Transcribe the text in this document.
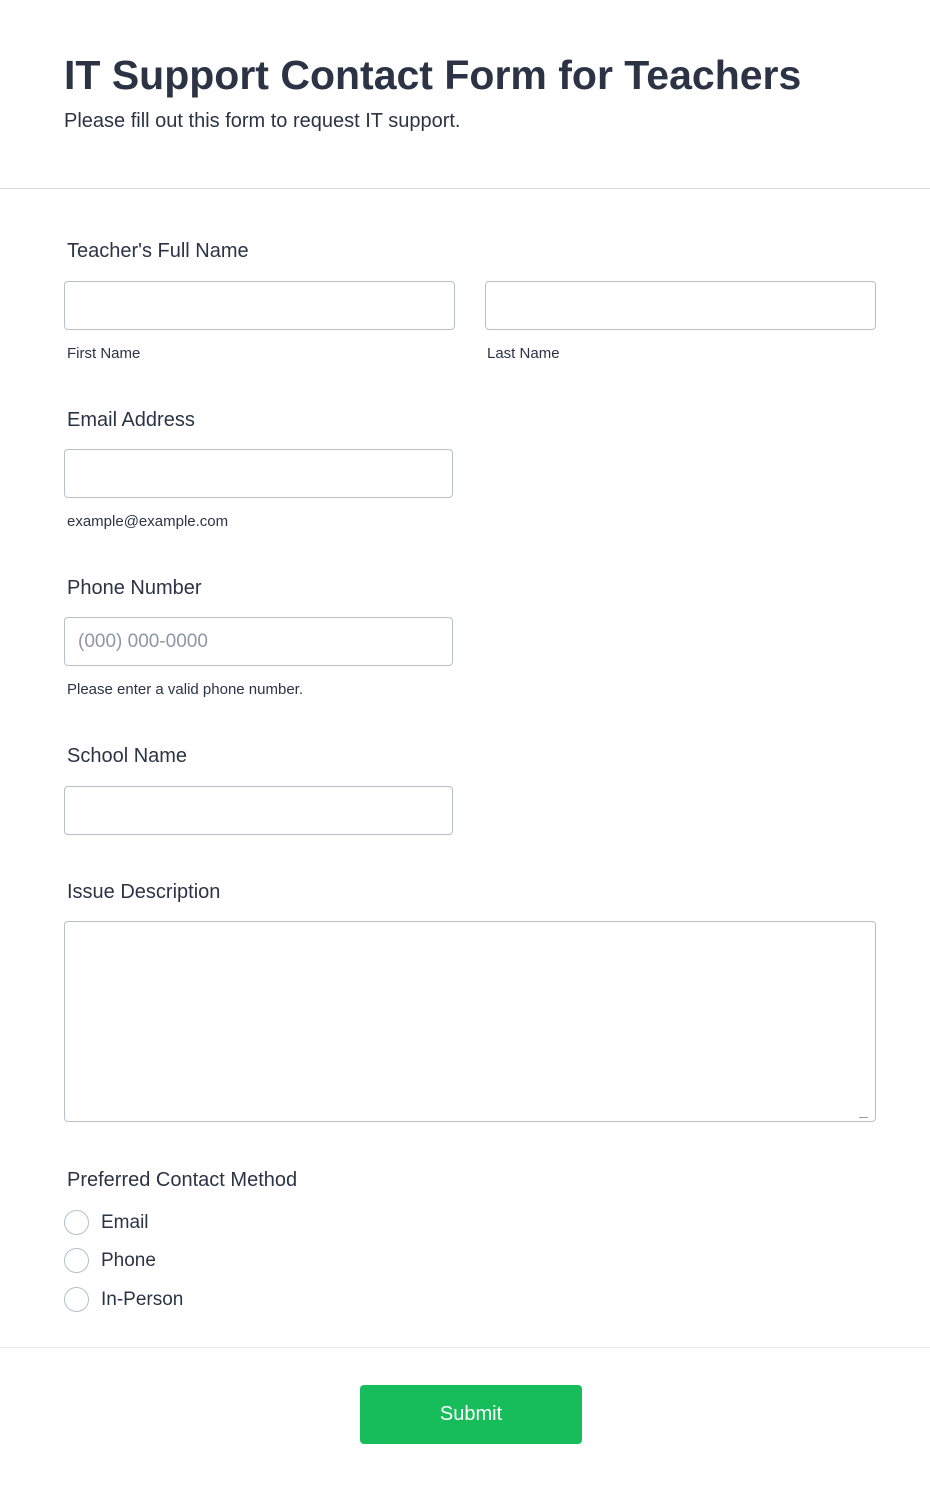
IT Support Contact Form for Teachers

Please fill out this form to request IT support.

Teacher's Full Name
First Name	Last Name
Email Address
example@example.com
Phone Number
(000) 000-0000
Please enter a valid phone number.
School Name
Issue Description
Preferred Contact Method
Email
Phone
In-Person
Submit
